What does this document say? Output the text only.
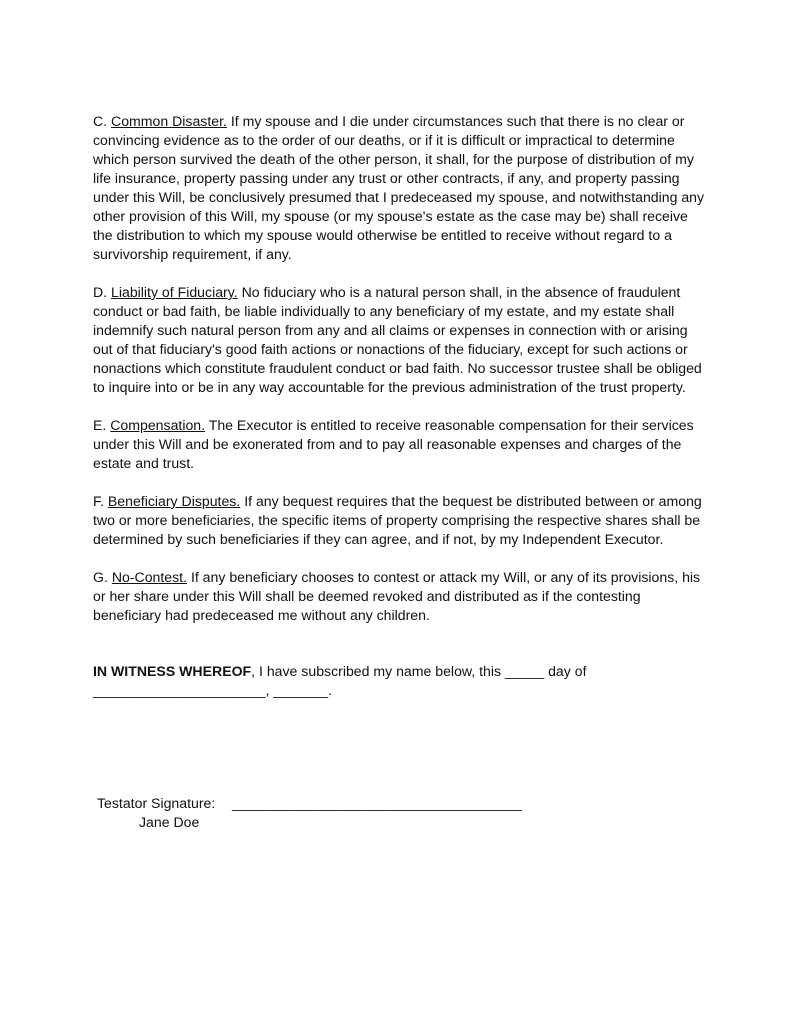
C. Common Disaster. If my spouse and I die under circumstances such that there is no clear or convincing evidence as to the order of our deaths, or if it is difficult or impractical to determine which person survived the death of the other person, it shall, for the purpose of distribution of my life insurance, property passing under any trust or other contracts, if any, and property passing under this Will, be conclusively presumed that I predeceased my spouse, and notwithstanding any other provision of this Will, my spouse (or my spouse's estate as the case may be) shall receive the distribution to which my spouse would otherwise be entitled to receive without regard to a survivorship requirement, if any.

D. Liability of Fiduciary. No fiduciary who is a natural person shall, in the absence of fraudulent conduct or bad faith, be liable individually to any beneficiary of my estate, and my estate shall indemnify such natural person from any and all claims or expenses in connection with or arising out of that fiduciary's good faith actions or nonactions of the fiduciary, except for such actions or nonactions which constitute fraudulent conduct or bad faith. No successor trustee shall be obliged to inquire into or be in any way accountable for the previous administration of the trust property.

E. Compensation. The Executor is entitled to receive reasonable compensation for their services under this Will and be exonerated from and to pay all reasonable expenses and charges of the estate and trust.

F. Beneficiary Disputes. If any bequest requires that the bequest be distributed between or among two or more beneficiaries, the specific items of property comprising the respective shares shall be determined by such beneficiaries if they can agree, and if not, by my Independent Executor.

G. No-Contest. If any beneficiary chooses to contest or attack my Will, or any of its provisions, his or her share under this Will shall be deemed revoked and distributed as if the contesting beneficiary had predeceased me without any children.

IN WITNESS WHEREOF, I have subscribed my name below, this _____ day of
______________________, _______.

Testator Signature: _____________________________________
Jane Doe
